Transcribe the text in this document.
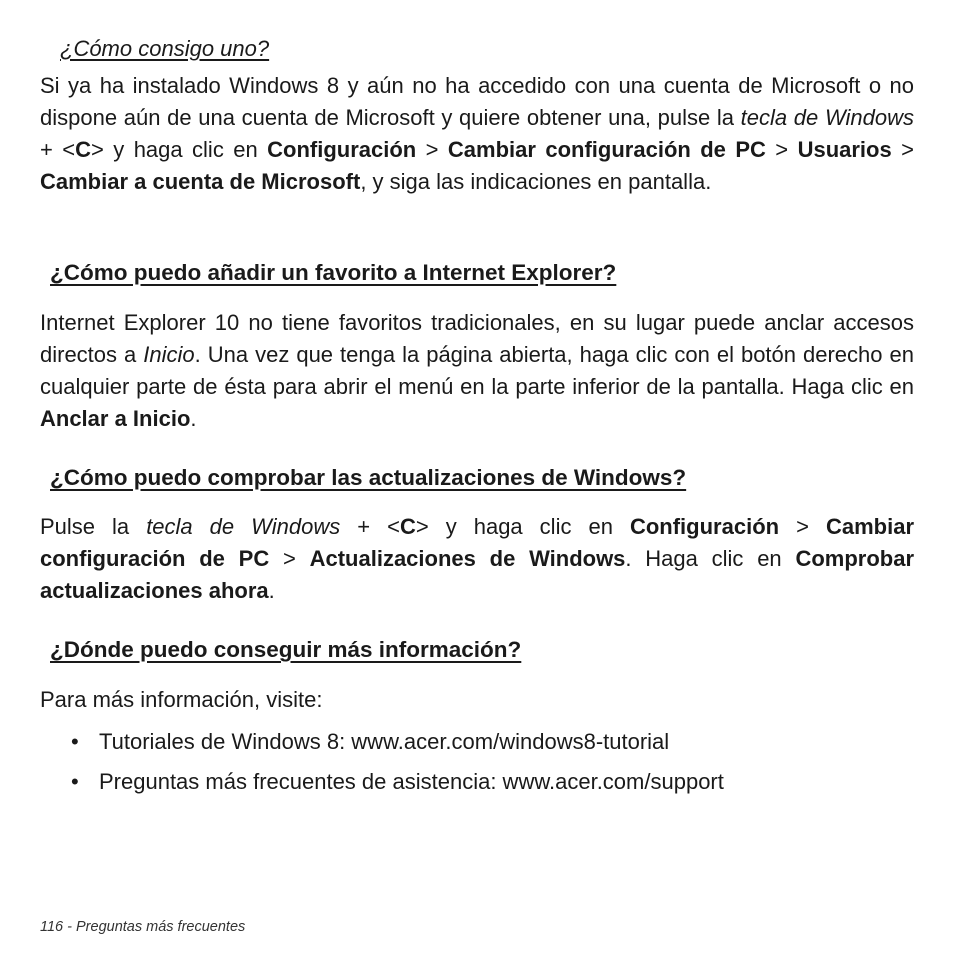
¿Cómo consigo uno?

Si ya ha instalado Windows 8 y aún no ha accedido con una cuenta de Microsoft o no dispone aún de una cuenta de Microsoft y quiere obtener una, pulse la tecla de Windows + <C> y haga clic en Configuración > Cambiar configuración de PC > Usuarios > Cambiar a cuenta de Microsoft, y siga las indicaciones en pantalla.

¿Cómo puedo añadir un favorito a Internet Explorer?

Internet Explorer 10 no tiene favoritos tradicionales, en su lugar puede anclar accesos directos a Inicio. Una vez que tenga la página abierta, haga clic con el botón derecho en cualquier parte de ésta para abrir el menú en la parte inferior de la pantalla. Haga clic en Anclar a Inicio.

¿Cómo puedo comprobar las actualizaciones de Windows?

Pulse la tecla de Windows + <C> y haga clic en Configuración > Cambiar configuración de PC > Actualizaciones de Windows. Haga clic en Comprobar actualizaciones ahora.

¿Dónde puedo conseguir más información?

Para más información, visite:

• Tutoriales de Windows 8: www.acer.com/windows8-tutorial
• Preguntas más frecuentes de asistencia: www.acer.com/support
116 - Preguntas más frecuentes
